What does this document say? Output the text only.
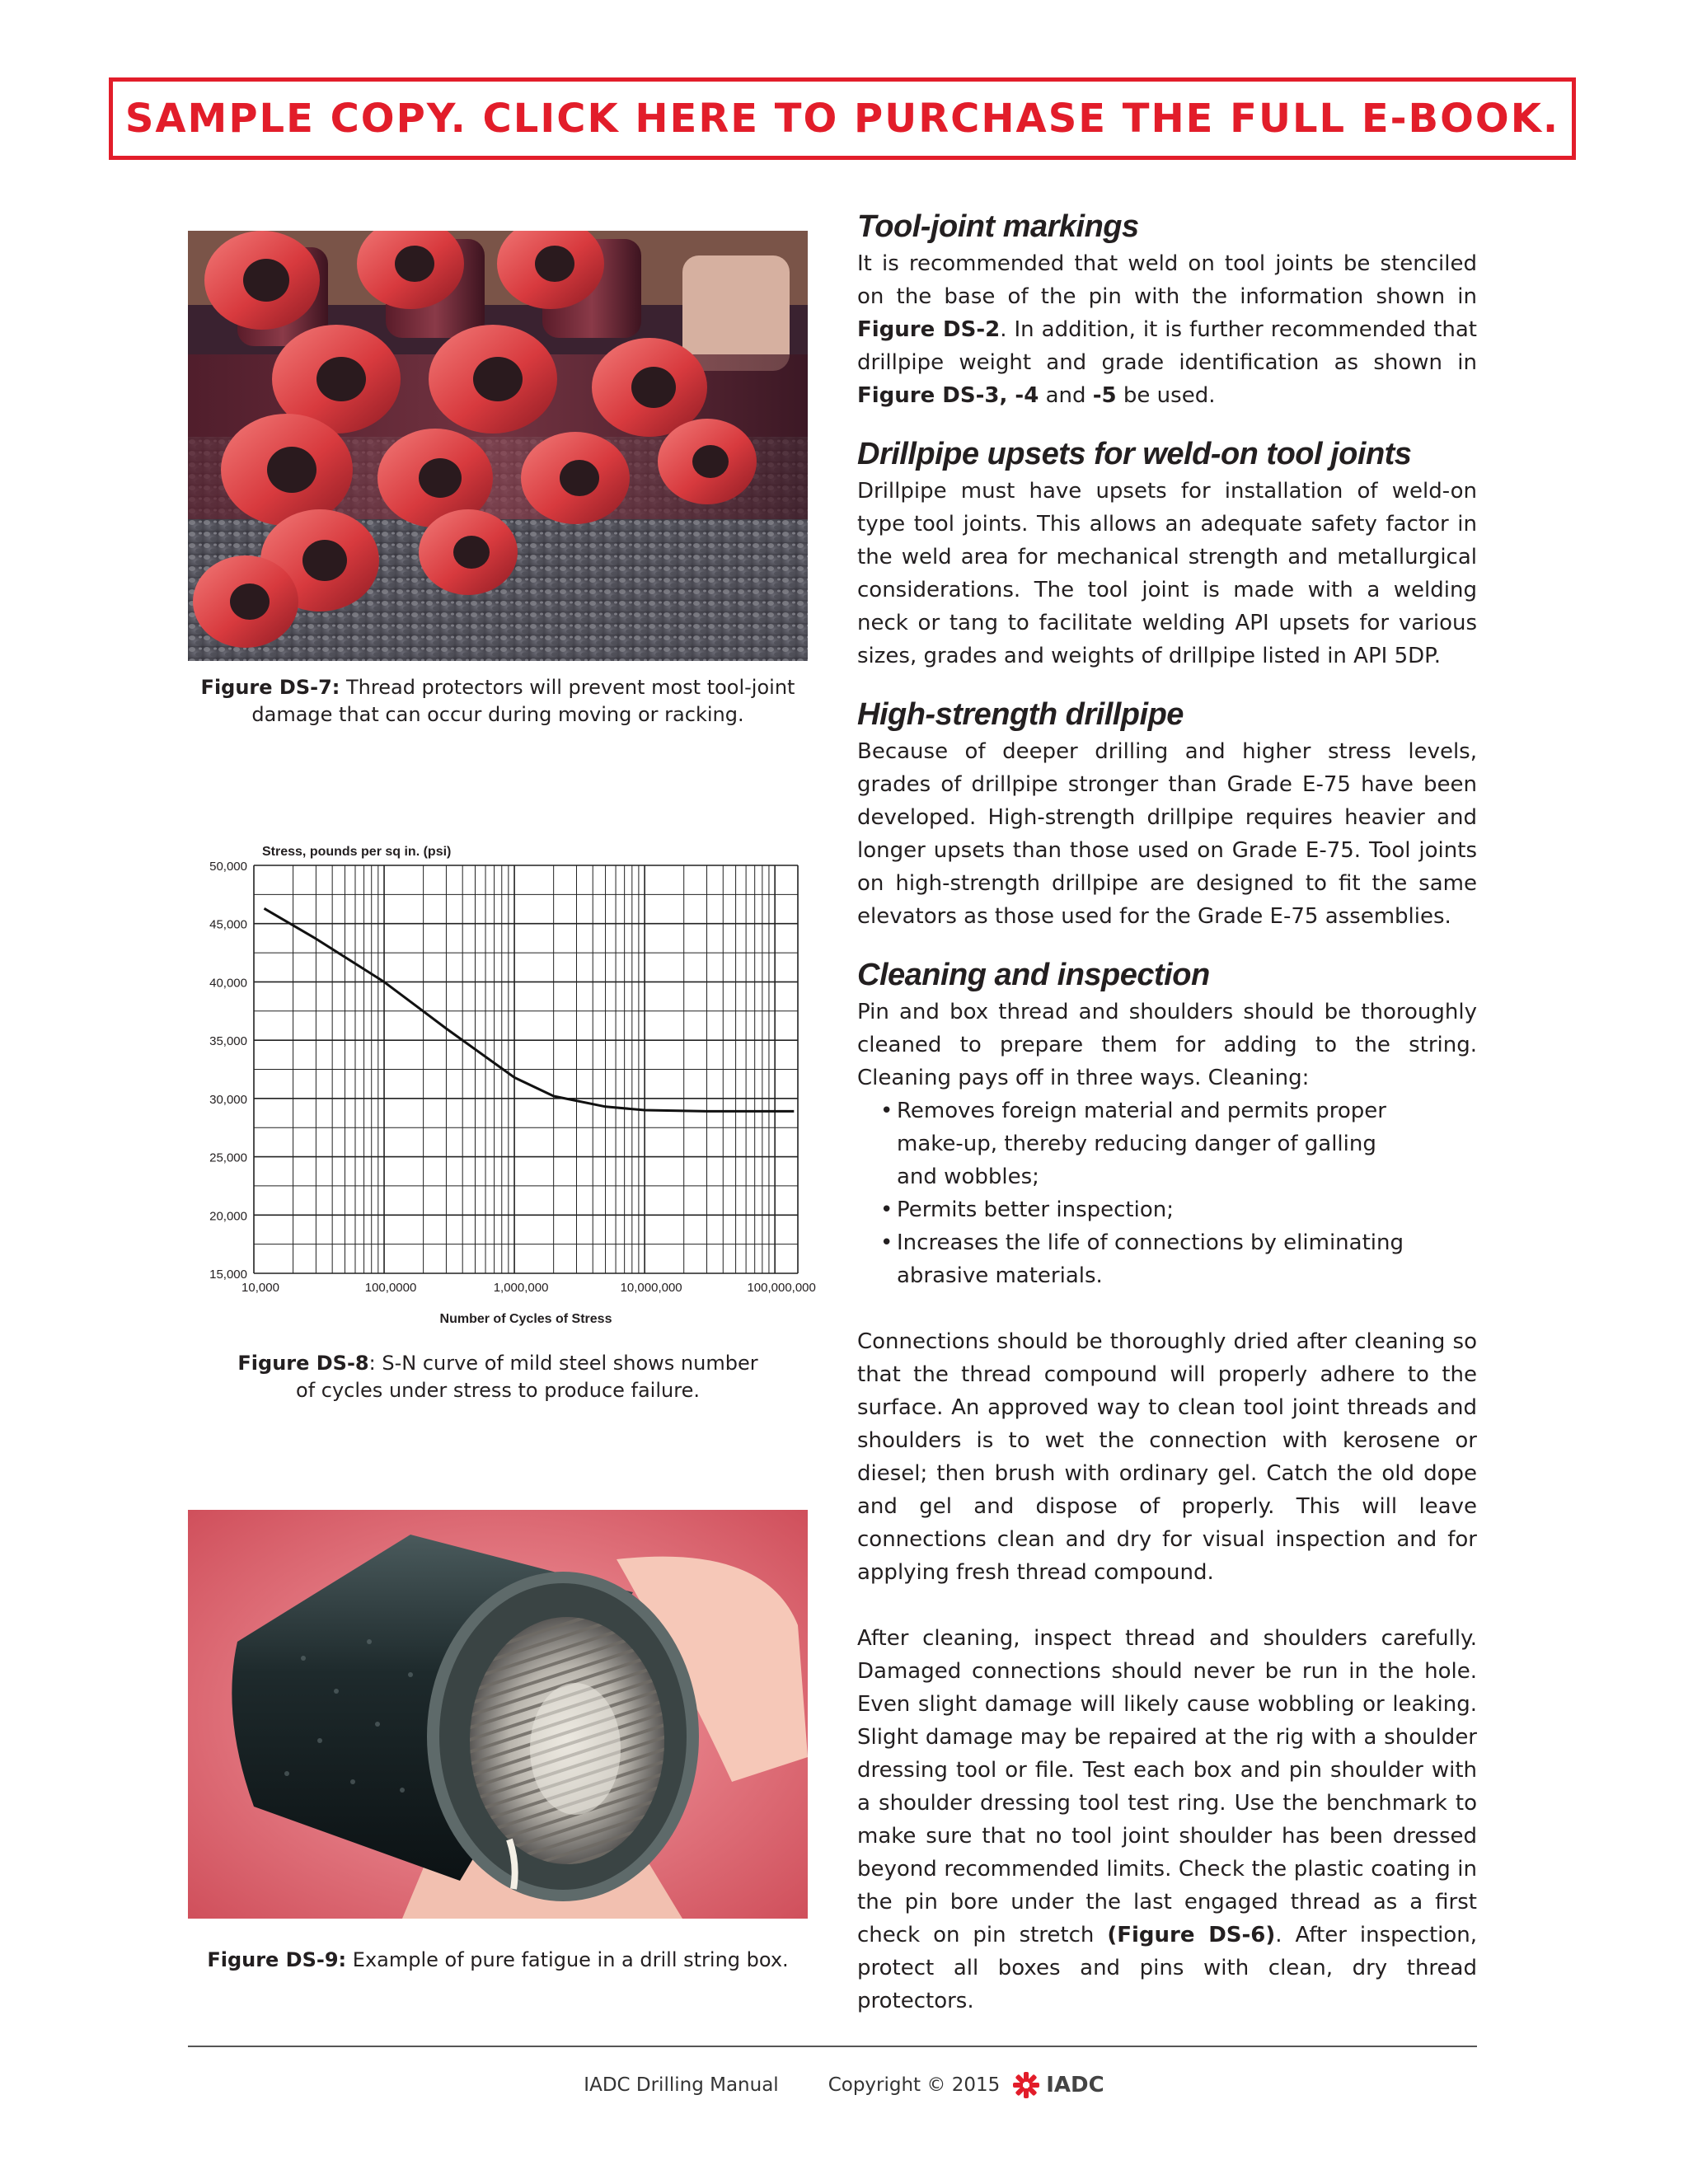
SAMPLE COPY. CLICK HERE TO PURCHASE THE FULL E-BOOK.
Figure DS-7: Thread protectors will prevent most tool-joint
damage that can occur during moving or racking.
50,000
45,000
40,000
35,000
30,000
25,000
20,000
15,000
10,000	100,0000	1,000,000	10,000,000	100,000,000
Stress, pounds per sq in. (psi)
Number of Cycles of Stress
Figure DS-8: S-N curve of mild steel shows number
of cycles under stress to produce failure.
Figure DS-9: Example of pure fatigue in a drill string box.
Tool-joint markings

It is recommended that weld on tool joints be stenciled on the base of the pin with the information shown in Figure DS-2. In addition, it is further recommended that drillpipe weight and grade identification as shown in Figure DS-3, -4 and -5 be used.

Drillpipe upsets for weld-on tool joints

Drillpipe must have upsets for installation of weld-on type tool joints. This allows an adequate safety factor in the weld area for mechanical strength and metallurgical considerations. The tool joint is made with a welding neck or tang to facilitate welding API upsets for various sizes, grades and weights of drillpipe listed in API 5DP.

High-strength drillpipe

Because of deeper drilling and higher stress levels, grades of drillpipe stronger than Grade E-75 have been developed. High-strength drillpipe requires heavier and longer upsets than those used on Grade E-75. Tool joints on high-strength drillpipe are designed to fit the same elevators as those used for the Grade E-75 assemblies.

Cleaning and inspection

Pin and box thread and shoulders should be thoroughly cleaned to prepare them for adding to the string. Cleaning pays off in three ways. Cleaning:

• Removes foreign material and permits proper make-up, thereby reducing danger of galling and wobbles;
• Permits better inspection;
• Increases the life of connections by eliminating abrasive materials.

Connections should be thoroughly dried after cleaning so that the thread compound will properly adhere to the surface. An approved way to clean tool joint threads and shoulders is to wet the connection with kerosene or diesel; then brush with ordinary gel. Catch the old dope and gel and dispose of properly. This will leave connections clean and dry for visual inspection and for applying fresh thread compound.

After cleaning, inspect thread and shoulders carefully. Damaged connections should never be run in the hole. Even slight damage will likely cause wobbling or leaking. Slight damage may be repaired at the rig with a shoulder dressing tool or file. Test each box and pin shoulder with a shoulder dressing tool test ring. Use the benchmark to make sure that no tool joint shoulder has been dressed beyond recommended limits. Check the plastic coating in the pin bore under the last engaged thread as a first check on pin stretch (Figure DS-6). After inspection, protect all boxes and pins with clean, dry thread protectors.

IADC Drilling Manual	Copyright © 2015 IADC
